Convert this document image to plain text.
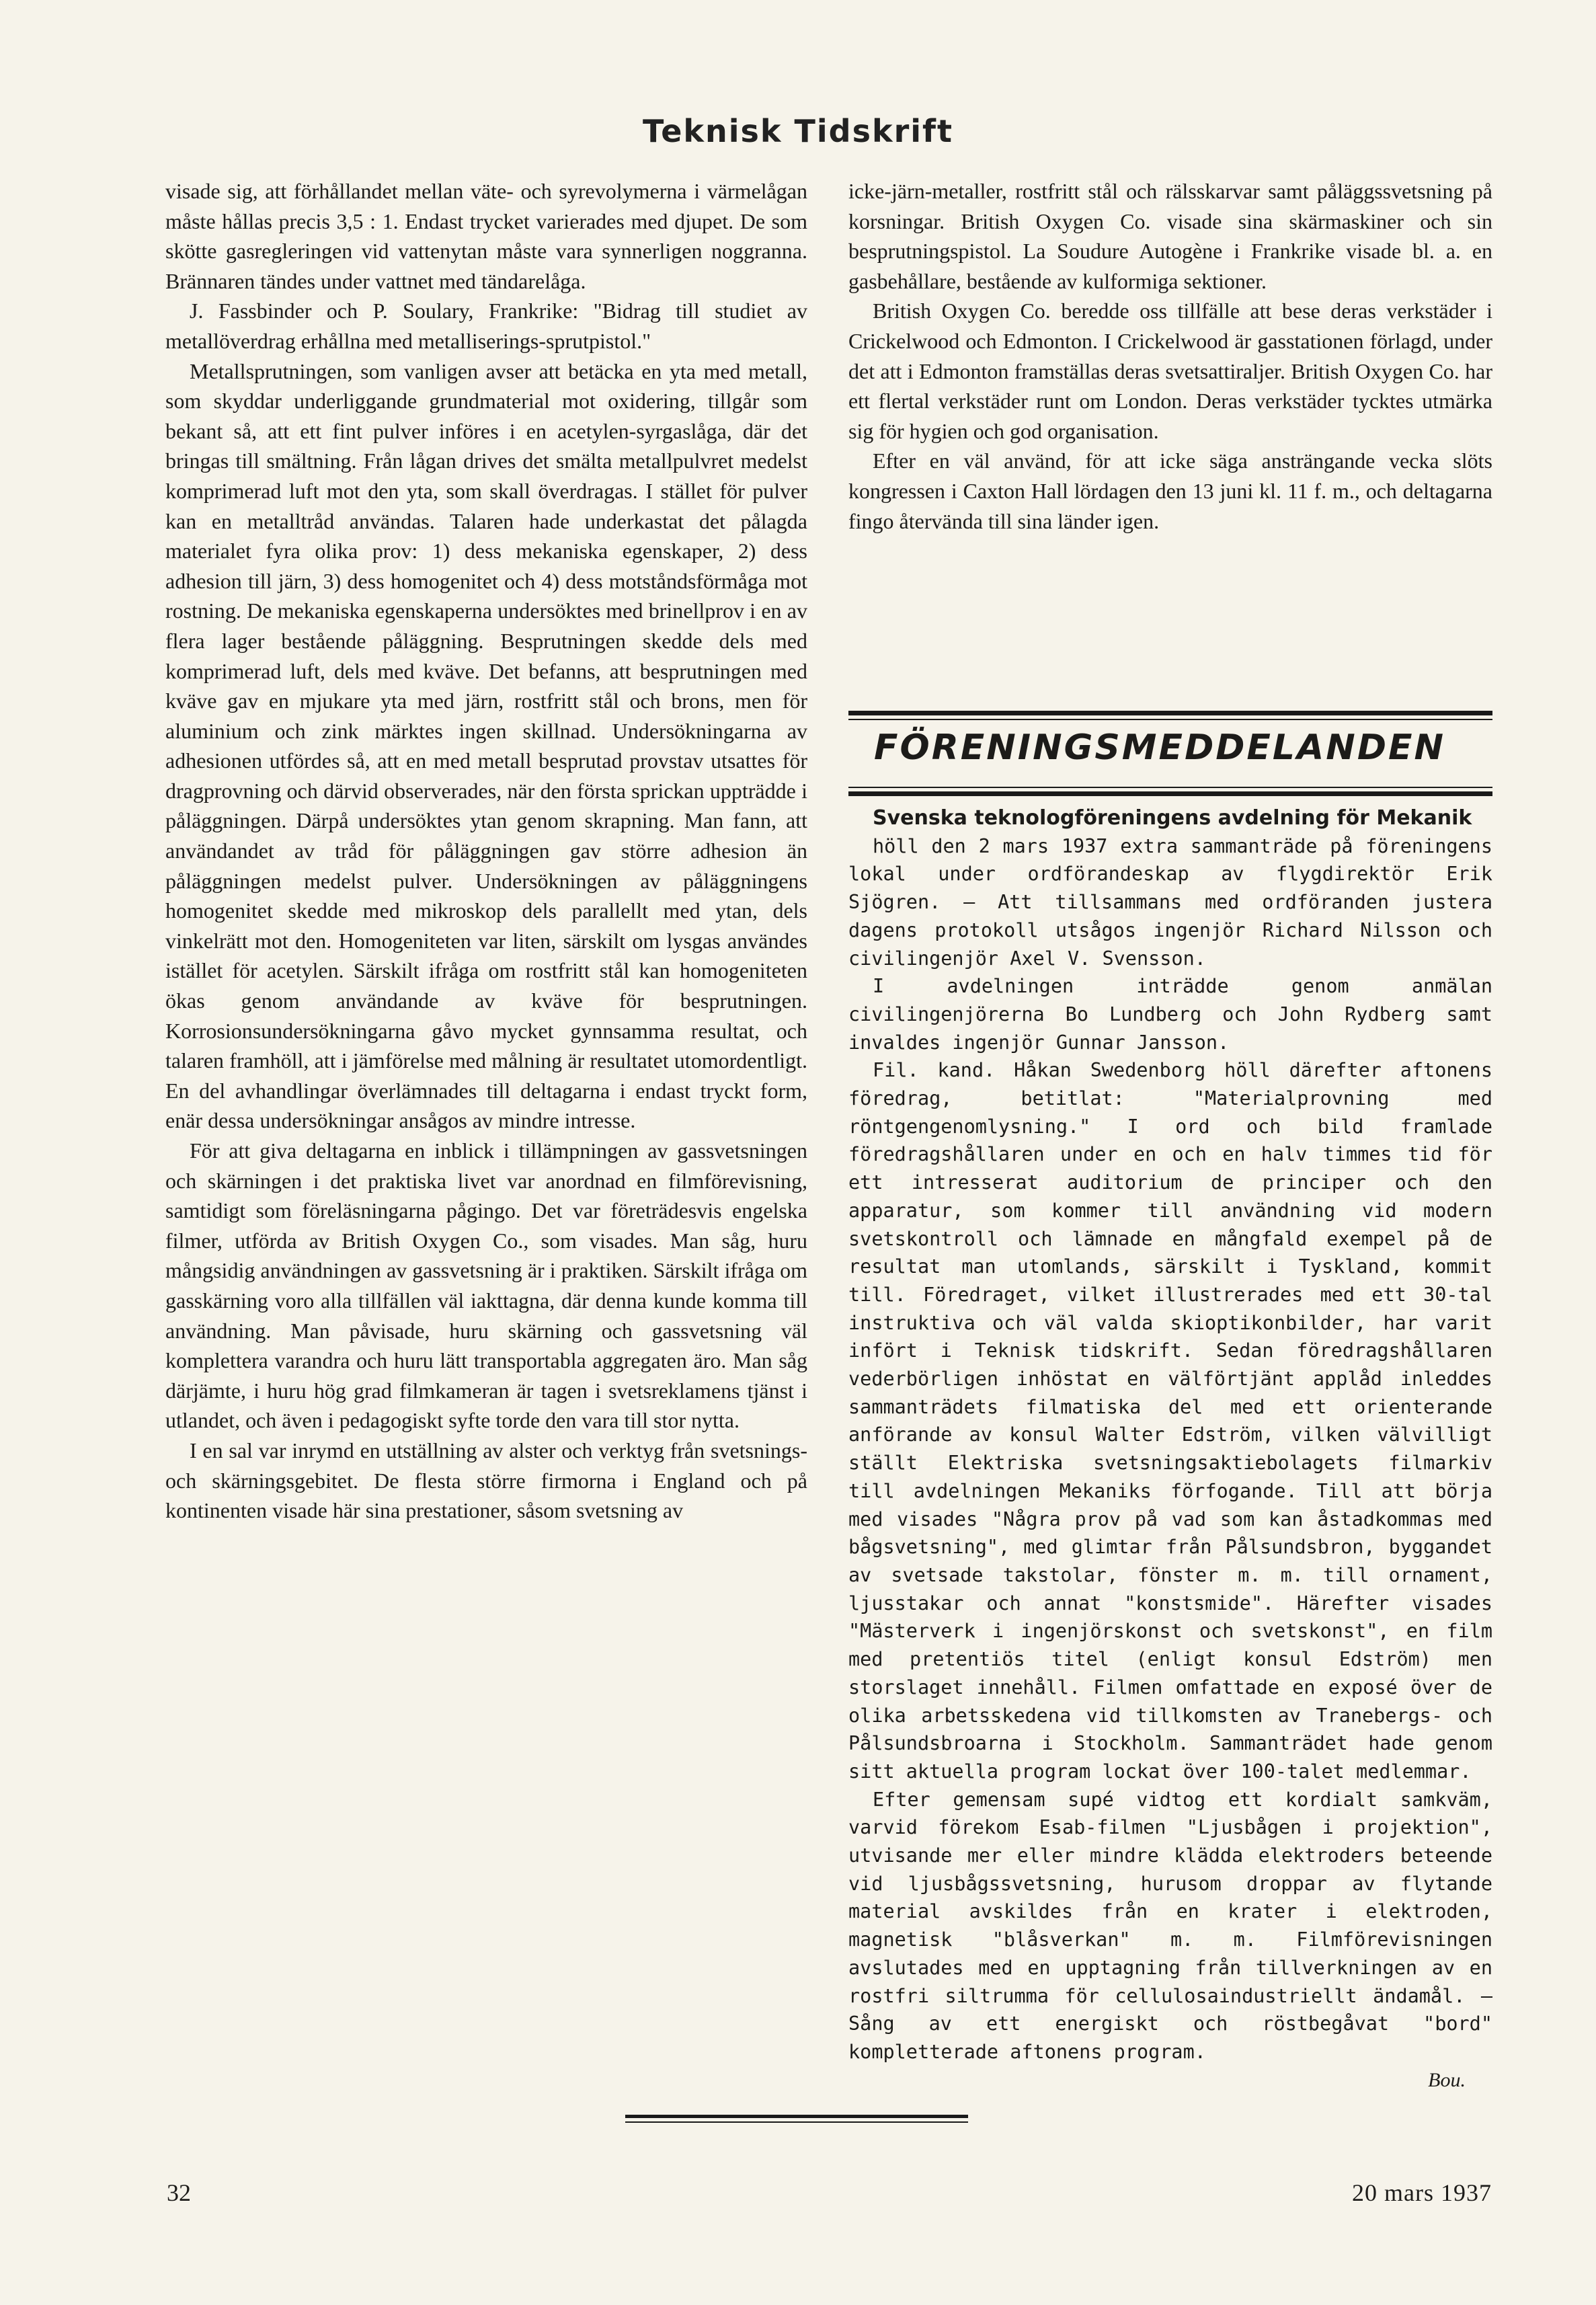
Teknisk Tidskrift

visade sig, att förhållandet mellan väte- och syrevolymerna i värmelågan måste hållas precis 3,5 : 1. Endast trycket varierades med djupet. De som skötte gasregleringen vid vattenytan måste vara synnerligen noggranna. Brännaren tändes under vattnet med tändarelåga.

J. Fassbinder och P. Soulary, Frankrike: "Bidrag till studiet av metallöverdrag erhållna med metalliserings-sprutpistol."

Metallsprutningen, som vanligen avser att betäcka en yta med metall, som skyddar underliggande grundmaterial mot oxidering, tillgår som bekant så, att ett fint pulver införes i en acetylen-syrgaslåga, där det bringas till smältning. Från lågan drives det smälta metallpulvret medelst komprimerad luft mot den yta, som skall överdragas. I stället för pulver kan en metalltråd användas. Talaren hade underkastat det pålagda materialet fyra olika prov: 1) dess mekaniska egenskaper, 2) dess adhesion till järn, 3) dess homogenitet och 4) dess motståndsförmåga mot rostning. De mekaniska egenskaperna undersöktes med brinellprov i en av flera lager bestående påläggning. Besprutningen skedde dels med komprimerad luft, dels med kväve. Det befanns, att besprutningen med kväve gav en mjukare yta med järn, rostfritt stål och brons, men för aluminium och zink märktes ingen skillnad. Undersökningarna av adhesionen utfördes så, att en med metall besprutad provstav utsattes för dragprovning och därvid observerades, när den första sprickan uppträdde i påläggningen. Därpå undersöktes ytan genom skrapning. Man fann, att användandet av tråd för påläggningen gav större adhesion än påläggningen medelst pulver. Undersökningen av påläggningens homogenitet skedde med mikroskop dels parallellt med ytan, dels vinkelrätt mot den. Homogeniteten var liten, särskilt om lysgas användes istället för acetylen. Särskilt ifråga om rostfritt stål kan homogeniteten ökas genom användande av kväve för besprutningen. Korrosionsundersökningarna gåvo mycket gynnsamma resultat, och talaren framhöll, att i jämförelse med målning är resultatet utomordentligt. En del avhandlingar överlämnades till deltagarna i endast tryckt form, enär dessa undersökningar ansågos av mindre intresse.

För att giva deltagarna en inblick i tillämpningen av gassvetsningen och skärningen i det praktiska livet var anordnad en filmförevisning, samtidigt som föreläsningarna pågingo. Det var företrädesvis engelska filmer, utförda av British Oxygen Co., som visades. Man såg, huru mångsidig användningen av gassvetsning är i praktiken. Särskilt ifråga om gasskärning voro alla tillfällen väl iakttagna, där denna kunde komma till användning. Man påvisade, huru skärning och gassvetsning väl komplettera varandra och huru lätt transportabla aggregaten äro. Man såg därjämte, i huru hög grad filmkameran är tagen i svetsreklamens tjänst i utlandet, och även i pedagogiskt syfte torde den vara till stor nytta.

I en sal var inrymd en utställning av alster och verktyg från svetsnings- och skärningsgebitet. De flesta större firmorna i England och på kontinenten visade här sina prestationer, såsom svetsning av

icke-järn-metaller, rostfritt stål och rälsskarvar samt påläggssvetsning på korsningar. British Oxygen Co. visade sina skärmaskiner och sin besprutningspistol. La Soudure Autogène i Frankrike visade bl. a. en gasbehållare, bestående av kulformiga sektioner.

British Oxygen Co. beredde oss tillfälle att bese deras verkstäder i Crickelwood och Edmonton. I Crickelwood är gasstationen förlagd, under det att i Edmonton framställas deras svetsattiraljer. British Oxygen Co. har ett flertal verkstäder runt om London. Deras verkstäder tycktes utmärka sig för hygien och god organisation.

Efter en väl använd, för att icke säga ansträngande vecka slöts kongressen i Caxton Hall lördagen den 13 juni kl. 11 f. m., och deltagarna fingo återvända till sina länder igen.

FÖRENINGSMEDDELANDEN

Svenska teknologföreningens avdelning för Mekanik

höll den 2 mars 1937 extra sammanträde på föreningens lokal under ordförandeskap av flygdirektör Erik Sjögren. — Att tillsammans med ordföranden justera dagens protokoll utsågos ingenjör Richard Nilsson och civilingenjör Axel V. Svensson.

I avdelningen inträdde genom anmälan civilingenjörerna Bo Lundberg och John Rydberg samt invaldes ingenjör Gunnar Jansson.

Fil. kand. Håkan Swedenborg höll därefter aftonens föredrag, betitlat: "Materialprovning med röntgengenomlysning." I ord och bild framlade föredragshållaren under en och en halv timmes tid för ett intresserat auditorium de principer och den apparatur, som kommer till användning vid modern svetskontroll och lämnade en mångfald exempel på de resultat man utomlands, särskilt i Tyskland, kommit till. Föredraget, vilket illustrerades med ett 30-tal instruktiva och väl valda skioptikonbilder, har varit infört i Teknisk tidskrift. Sedan föredragshållaren vederbörligen inhöstat en välförtjänt applåd inleddes sammanträdets filmatiska del med ett orienterande anförande av konsul Walter Edström, vilken välvilligt ställt Elektriska svetsningsaktiebolagets filmarkiv till avdelningen Mekaniks förfogande. Till att börja med visades "Några prov på vad som kan åstadkommas med bågsvetsning", med glimtar från Pålsundsbron, byggandet av svetsade takstolar, fönster m. m. till ornament, ljusstakar och annat "konstsmide". Härefter visades "Mästerverk i ingenjörskonst och svetskonst", en film med pretentiös titel (enligt konsul Edström) men storslaget innehåll. Filmen omfattade en exposé över de olika arbetsskedena vid tillkomsten av Tranebergs- och Pålsundsbroarna i Stockholm. Sammanträdet hade genom sitt aktuella program lockat över 100-talet medlemmar.

Efter gemensam supé vidtog ett kordialt samkväm, varvid förekom Esab-filmen "Ljusbågen i projektion", utvisande mer eller mindre klädda elektroders beteende vid ljusbågssvetsning, hurusom droppar av flytande material avskildes från en krater i elektroden, magnetisk "blåsverkan" m. m. Filmförevisningen avslutades med en upptagning från tillverkningen av en rostfri siltrumma för cellulosaindustriellt ändamål. — Sång av ett energiskt och röstbegåvat "bord" kompletterade aftonens program.

Bou.
32	20 mars 1937
